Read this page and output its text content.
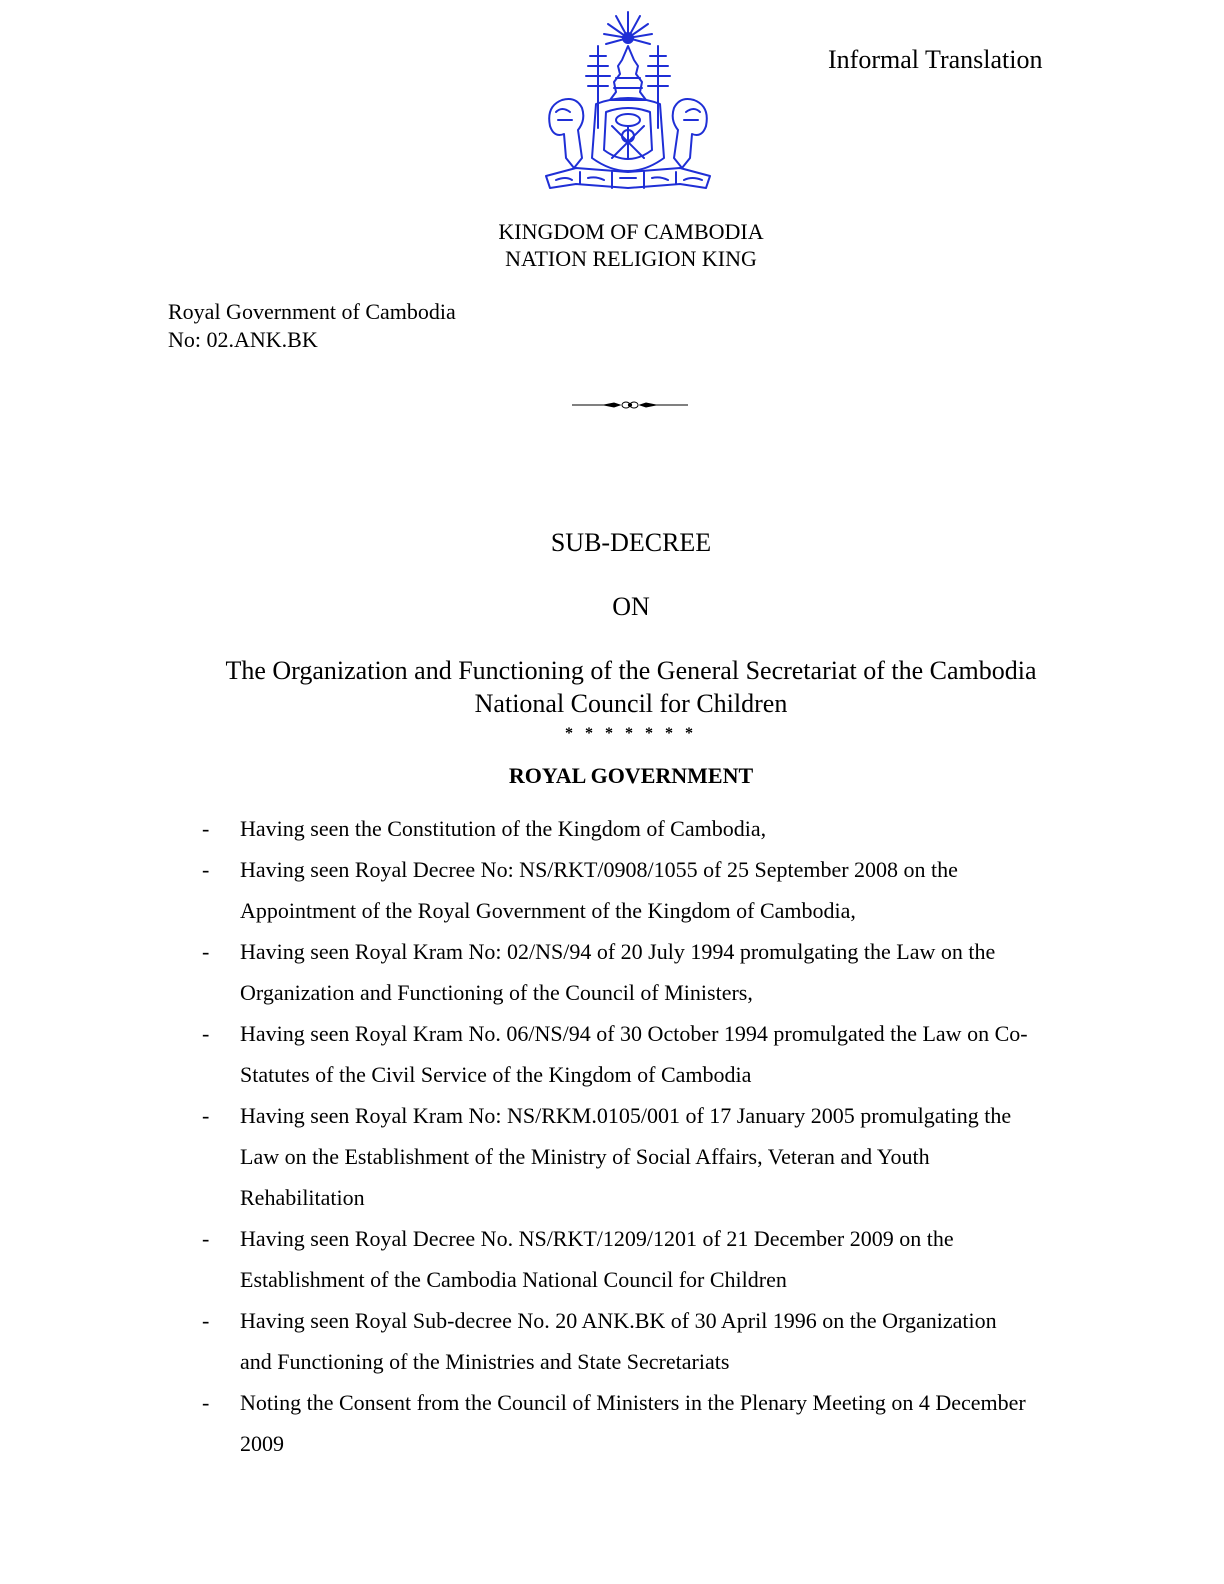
Informal Translation
KINGDOM OF CAMBODIA
NATION RELIGION KING
Royal Government of Cambodia
No: 02.ANK.BK
SUB-DECREE
ON
The Organization and Functioning of the General Secretariat of the Cambodia
National Council for Children
* * * * * * *
ROYAL GOVERNMENT
- Having seen the Constitution of the Kingdom of Cambodia,
- Having seen Royal Decree No: NS/RKT/0908/1055 of 25 September 2008 on the
Appointment of the Royal Government of the Kingdom of Cambodia,
- Having seen Royal Kram No: 02/NS/94 of 20 July 1994 promulgating the Law on the
Organization and Functioning of the Council of Ministers,
- Having seen Royal Kram No. 06/NS/94 of 30 October 1994 promulgated the Law on Co-
Statutes of the Civil Service of the Kingdom of Cambodia
- Having seen Royal Kram No: NS/RKM.0105/001 of 17 January 2005 promulgating the
Law on the Establishment of the Ministry of Social Affairs, Veteran and Youth
Rehabilitation
- Having seen Royal Decree No. NS/RKT/1209/1201 of 21 December 2009 on the
Establishment of the Cambodia National Council for Children
- Having seen Royal Sub-decree No. 20 ANK.BK of 30 April 1996 on the Organization
and Functioning of the Ministries and State Secretariats
- Noting the Consent from the Council of Ministers in the Plenary Meeting on 4 December
2009
